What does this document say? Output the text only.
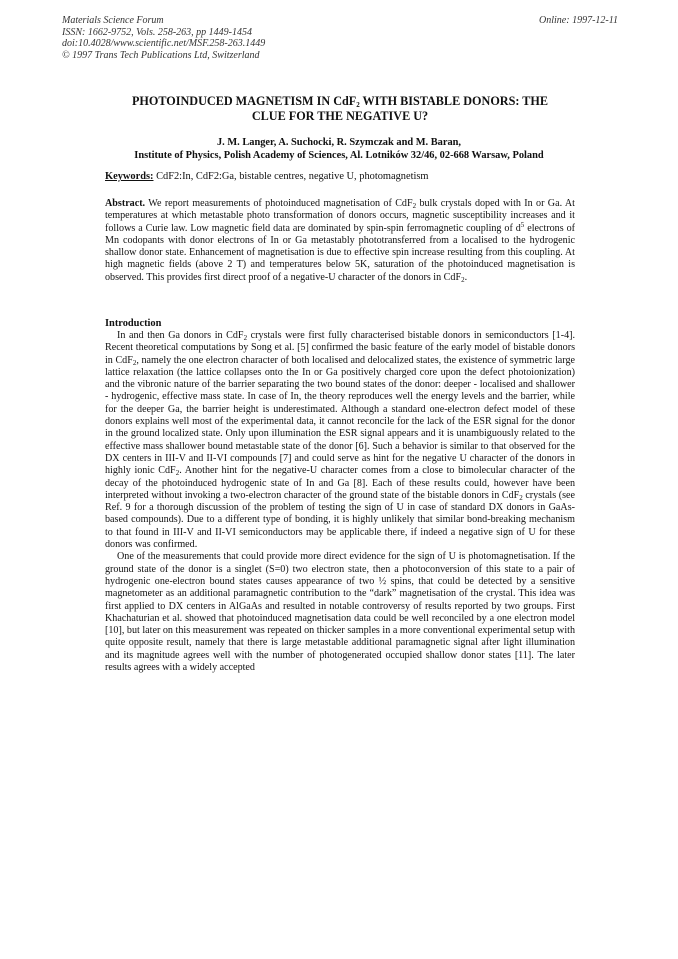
Materials Science Forum
ISSN: 1662-9752, Vols. 258-263, pp 1449-1454
doi:10.4028/www.scientific.net/MSF.258-263.1449
© 1997 Trans Tech Publications Ltd, Switzerland
Online: 1997-12-11
PHOTOINDUCED MAGNETISM IN CdF$_2$ WITH BISTABLE DONORS: THE
CLUE FOR THE NEGATIVE U?
J. M. Langer, A. Suchocki, R. Szymczak and M. Baran,
Institute of Physics, Polish Academy of Sciences, Al. Lotników 32/46, 02-668 Warsaw, Poland
Keywords: CdF2:In, CdF2:Ga, bistable centres, negative U, photomagnetism

Abstract. We report measurements of photoinduced magnetisation of CdF$_2$ bulk crystals doped with In or Ga. At temperatures at which metastable photo transformation of donors occurs, magnetic susceptibility increases and it follows a Curie law. Low magnetic field data are dominated by spin-spin ferromagnetic coupling of $d^5$ electrons of Mn codopants with donor electrons of In or Ga metastably phototransferred from a localised to the hydrogenic shallow donor state. Enhancement of magnetisation is due to effective spin increase resulting from this coupling. At high magnetic fields (above 2 T) and temperatures below 5K, saturation of the photoinduced magnetisation is observed. This provides first direct proof of a negative-U character of the donors in CdF$_2$.

Introduction

In and then Ga donors in CdF$_2$ crystals were first fully characterised bistable donors in semiconductors [1-4]. Recent theoretical computations by Song et al. [5] confirmed the basic feature of the early model of bistable donors in CdF$_2$, namely the one electron character of both localised and delocalized states, the existence of symmetric large lattice relaxation (the lattice collapses onto the In or Ga positively charged core upon the defect photoionization) and the vibronic nature of the barrier separating the two bound states of the donor: deeper - localised and shallower - hydrogenic, effective mass state. In case of In, the theory reproduces well the energy levels and the barrier, while for the deeper Ga, the barrier height is underestimated. Although a standard one-electron defect model of these donors explains well most of the experimental data, it cannot reconcile for the lack of the ESR signal for the donor in the ground localized state. Only upon illumination the ESR signal appears and it is unambiguously related to the effective mass shallower bound metastable state of the donor [6]. Such a behavior is similar to that observed for the DX centers in III-V and II-VI compounds [7] and could serve as hint for the negative U character of the donors in highly ionic CdF$_2$. Another hint for the negative-U character comes from a close to bimolecular character of the decay of the photoinduced hydrogenic state of In and Ga [8]. Each of these results could, however have been interpreted without invoking a two-electron character of the ground state of the bistable donors in CdF$_2$ crystals (see Ref. 9 for a thorough discussion of the problem of testing the sign of U in case of standard DX donors in GaAs-based compounds). Due to a different type of bonding, it is highly unlikely that similar bond-breaking mechanism to that found in III-V and II-VI semiconductors may be applicable there, if indeed a negative sign of U for these donors was confirmed.

One of the measurements that could provide more direct evidence for the sign of U is photomagnetisation. If the ground state of the donor is a singlet (S=0) two electron state, then a photoconversion of this state to a pair of hydrogenic one-electron bound states causes appearance of two ½ spins, that could be detected by a sensitive magnetometer as an additional paramagnetic contribution to the “dark” magnetisation of the crystal. This idea was first applied to DX centers in AlGaAs and resulted in notable controversy of results reported by two groups. First Khachaturian et al. showed that photoinduced magnetisation data could be well reconciled by a one electron model [10], but later on this measurement was repeated on thicker samples in a more conventional experimental setup with quite opposite result, namely that there is large metastable additional paramagnetic signal after light illumination and its magnitude agrees well with the number of photogenerated occupied shallow donor states [11]. The later results agrees with a widely accepted
